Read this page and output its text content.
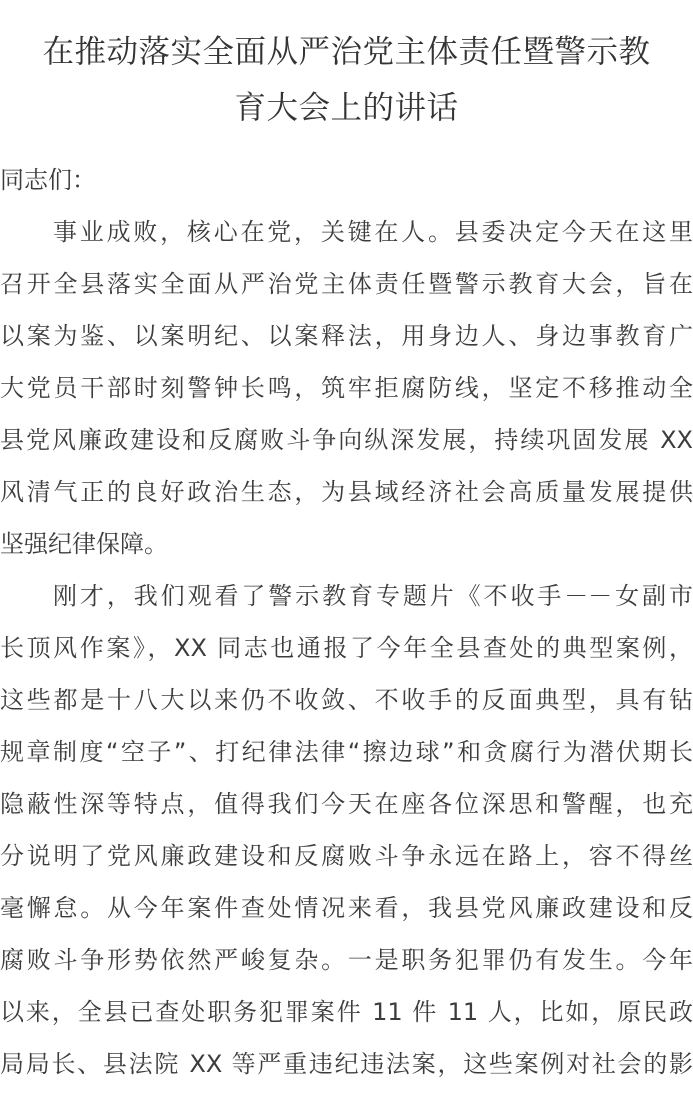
在推动落实全面从严治党主体责任暨警示教
育大会上的讲话
同志们：
事业成败，核心在党，关键在人。县委决定今天在这里
召开全县落实全面从严治党主体责任暨警示教育大会，旨在
以案为鉴、以案明纪、以案释法，用身边人、身边事教育广
大党员干部时刻警钟长鸣，筑牢拒腐防线，坚定不移推动全
县党风廉政建设和反腐败斗争向纵深发展，持续巩固发展 XX
风清气正的良好政治生态，为县域经济社会高质量发展提供
坚强纪律保障。
刚才，我们观看了警示教育专题片《不收手－－女副市
长顶风作案》，XX 同志也通报了今年全县查处的典型案例，
这些都是十八大以来仍不收敛、不收手的反面典型，具有钻
规章制度“空子”、打纪律法律“擦边球”和贪腐行为潜伏期长
隐蔽性深等特点，值得我们今天在座各位深思和警醒，也充
分说明了党风廉政建设和反腐败斗争永远在路上，容不得丝
毫懈怠。从今年案件查处情况来看，我县党风廉政建设和反
腐败斗争形势依然严峻复杂。一是职务犯罪仍有发生。今年
以来，全县已查处职务犯罪案件 11 件 11 人，比如，原民政
局局长、县法院 XX 等严重违纪违法案，这些案例对社会的影
